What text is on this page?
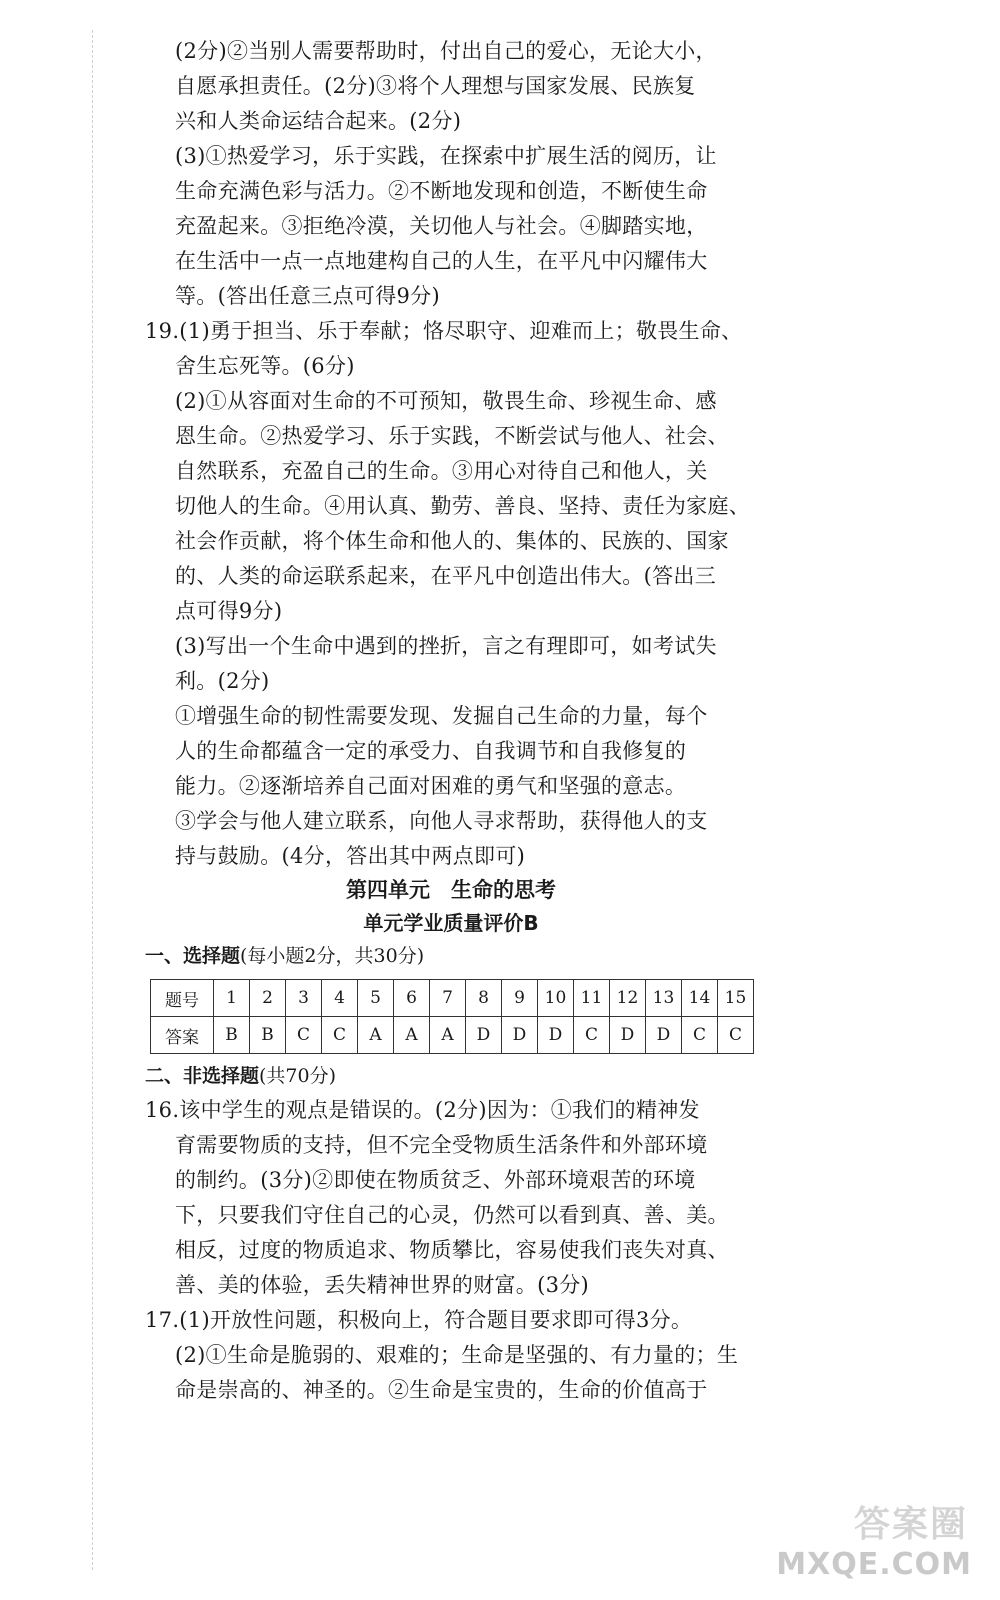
(2分)②当别人需要帮助时，付出自己的爱心，无论大小，
自愿承担责任。(2分)③将个人理想与国家发展、民族复
兴和人类命运结合起来。(2分)
(3)①热爱学习，乐于实践，在探索中扩展生活的阅历，让
生命充满色彩与活力。②不断地发现和创造，不断使生命
充盈起来。③拒绝冷漠，关切他人与社会。④脚踏实地，
在生活中一点一点地建构自己的人生，在平凡中闪耀伟大
等。(答出任意三点可得9分)
19.(1)勇于担当、乐于奉献；恪尽职守、迎难而上；敬畏生命、
舍生忘死等。(6分)
(2)①从容面对生命的不可预知，敬畏生命、珍视生命、感
恩生命。②热爱学习、乐于实践，不断尝试与他人、社会、
自然联系，充盈自己的生命。③用心对待自己和他人，关
切他人的生命。④用认真、勤劳、善良、坚持、责任为家庭、
社会作贡献，将个体生命和他人的、集体的、民族的、国家
的、人类的命运联系起来，在平凡中创造出伟大。(答出三
点可得9分)
(3)写出一个生命中遇到的挫折，言之有理即可，如考试失
利。(2分)
①增强生命的韧性需要发现、发掘自己生命的力量，每个
人的生命都蕴含一定的承受力、自我调节和自我修复的
能力。②逐渐培养自己面对困难的勇气和坚强的意志。
③学会与他人建立联系，向他人寻求帮助，获得他人的支
持与鼓励。(4分，答出其中两点即可)
第四单元　生命的思考
单元学业质量评价B
一、选择题(每小题2分，共30分)
题号	1	2	3	4	5	6	7	8	9	10	11	12	13	14	15
答案	B	B	C	C	A	A	A	D	D	D	C	D	D	C	C
二、非选择题(共70分)
16.该中学生的观点是错误的。(2分)因为：①我们的精神发
育需要物质的支持，但不完全受物质生活条件和外部环境
的制约。(3分)②即使在物质贫乏、外部环境艰苦的环境
下，只要我们守住自己的心灵，仍然可以看到真、善、美。
相反，过度的物质追求、物质攀比，容易使我们丧失对真、
善、美的体验，丢失精神世界的财富。(3分)
17.(1)开放性问题，积极向上，符合题目要求即可得3分。
(2)①生命是脆弱的、艰难的；生命是坚强的、有力量的；生
命是崇高的、神圣的。②生命是宝贵的，生命的价值高于
答案圈
MXQE.COM
